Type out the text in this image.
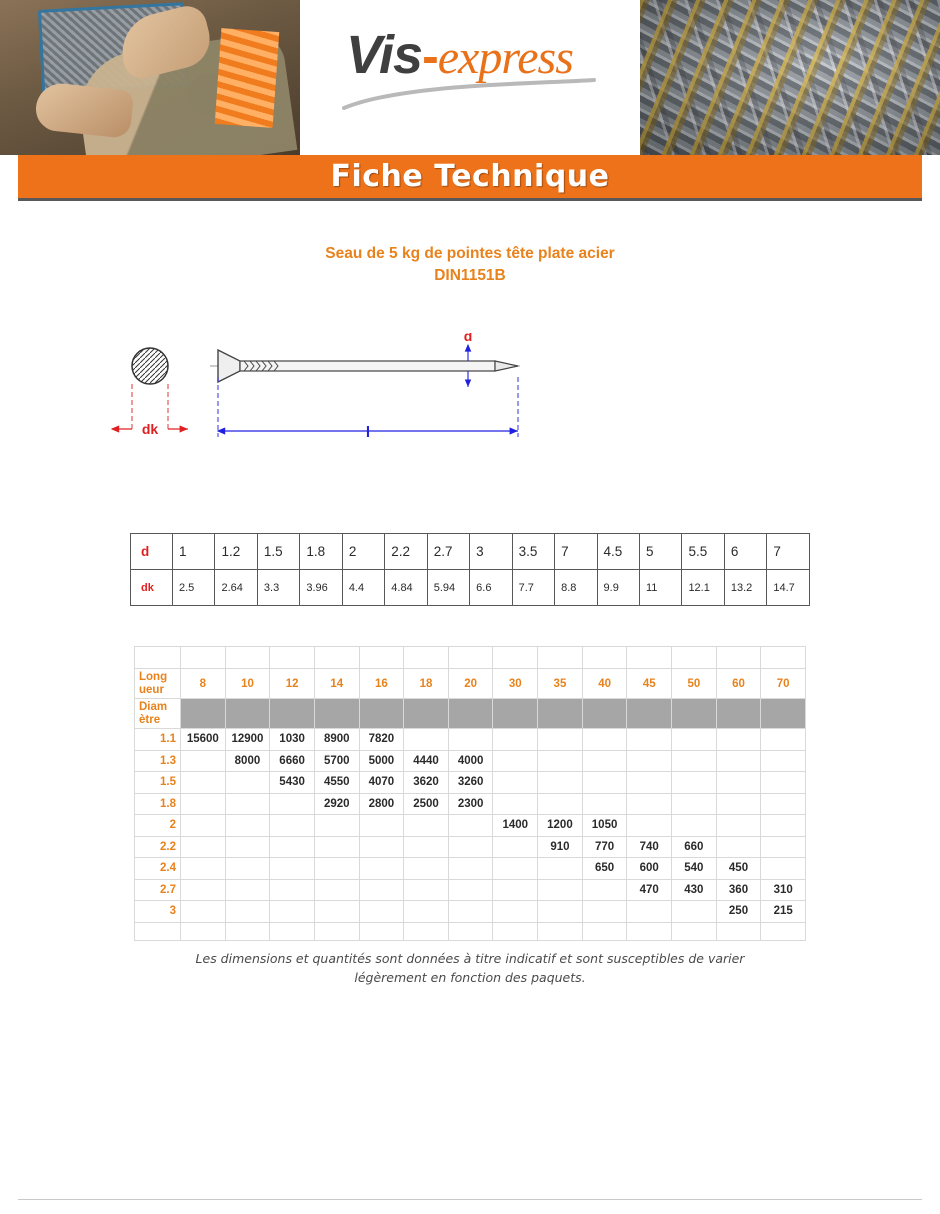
Vis-express
Fiche Technique
Seau de 5 kg de pointes tête plate acier
DIN1151B
dk
d
l
d	1	1.2	1.5	1.8	2	2.2	2.7	3	3.5	7	4.5	5	5.5	6	7
dk	2.5	2.64	3.3	3.96	4.4	4.84	5.94	6.6	7.7	8.8	9.9	11	12.1	13.2	14.7

Long
ueur	8	10	12	14	16	18	20	30	35	40	45	50	60	70
Diam
ètre														
1.1	15600	12900	1030	8900	7820									
1.3		8000	6660	5700	5000	4440	4000							
1.5			5430	4550	4070	3620	3260							
1.8				2920	2800	2500	2300							
2								1400	1200	1050				
2.2									910	770	740	660		
2.4										650	600	540	450	
2.7											470	430	360	310
3													250	215

Les dimensions et quantités sont données à titre indicatif et sont susceptibles de varier
légèrement en fonction des paquets.
